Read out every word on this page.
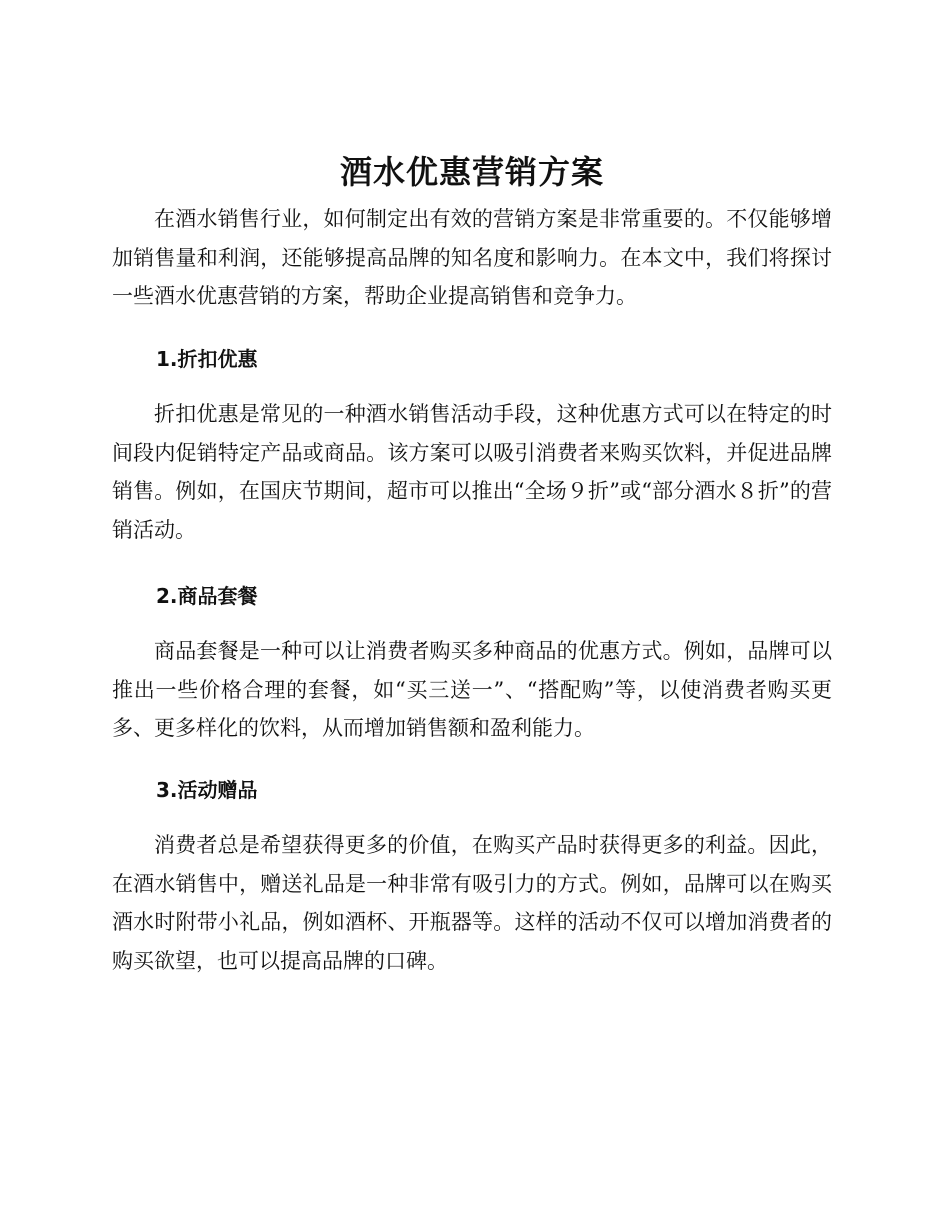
酒水优惠营销方案

在酒水销售行业，如何制定出有效的营销方案是非常重要的。不仅能够增加销售量和利润，还能够提高品牌的知名度和影响力。在本文中，我们将探讨一些酒水优惠营销的方案，帮助企业提高销售和竞争力。

1.折扣优惠

折扣优惠是常见的一种酒水销售活动手段，这种优惠方式可以在特定的时间段内促销特定产品或商品。该方案可以吸引消费者来购买饮料，并促进品牌销售。例如，在国庆节期间，超市可以推出“全场９折”或“部分酒水８折”的营销活动。

2.商品套餐

商品套餐是一种可以让消费者购买多种商品的优惠方式。例如，品牌可以推出一些价格合理的套餐，如“买三送一”、“搭配购”等，以使消费者购买更多、更多样化的饮料，从而增加销售额和盈利能力。

3.活动赠品

消费者总是希望获得更多的价值，在购买产品时获得更多的利益。因此，在酒水销售中，赠送礼品是一种非常有吸引力的方式。例如，品牌可以在购买酒水时附带小礼品，例如酒杯、开瓶器等。这样的活动不仅可以增加消费者的购买欲望，也可以提高品牌的口碑。
